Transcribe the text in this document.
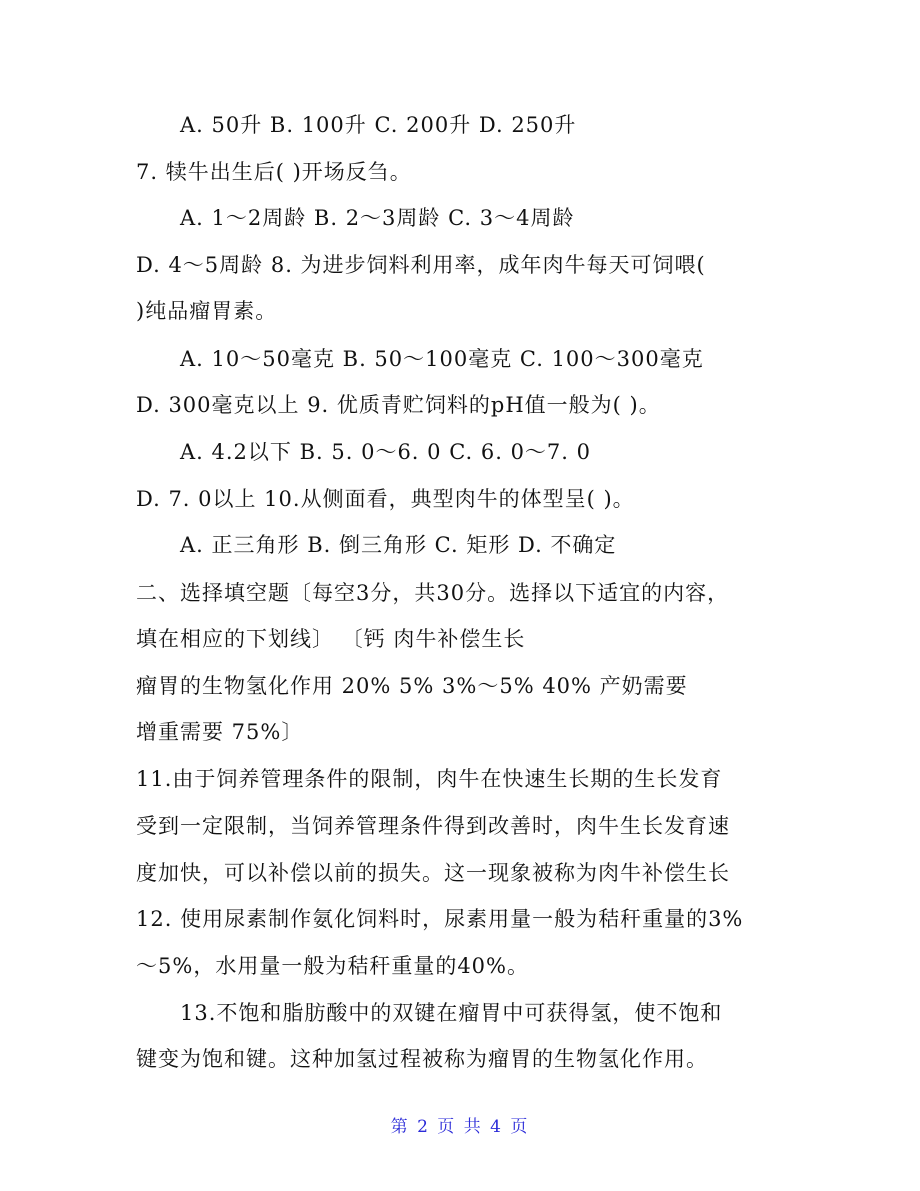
A. 50升 B. 100升 C. 200升 D. 250升
7. 犊牛出生后( )开场反刍。
A. 1～2周龄 B. 2～3周龄 C. 3～4周龄
D. 4～5周龄 8. 为进步饲料利用率，成年肉牛每天可饲喂(
)纯品瘤胃素。
A. 10～50毫克 B. 50～100毫克 C. 100～300毫克
D. 300毫克以上 9. 优质青贮饲料的pH值一般为( )。
A. 4.2以下 B. 5. 0～6. 0 C. 6. 0～7. 0
D. 7. 0以上 10.从侧面看，典型肉牛的体型呈( )。
A. 正三角形 B. 倒三角形 C. 矩形 D. 不确定
二、选择填空题〔每空3分，共30分。选择以下适宜的内容，
填在相应的下划线〕 〔钙 肉牛补偿生长
瘤胃的生物氢化作用 20% 5% 3%～5% 40% 产奶需要
增重需要 75%〕
11.由于饲养管理条件的限制，肉牛在快速生长期的生长发育
受到一定限制，当饲养管理条件得到改善时，肉牛生长发育速
度加快，可以补偿以前的损失。这一现象被称为肉牛补偿生长
12. 使用尿素制作氨化饲料时，尿素用量一般为秸秆重量的3%
～5%，水用量一般为秸秆重量的40%。
13.不饱和脂肪酸中的双键在瘤胃中可获得氢，使不饱和
键变为饱和键。这种加氢过程被称为瘤胃的生物氢化作用。
第 2 页 共 4 页
